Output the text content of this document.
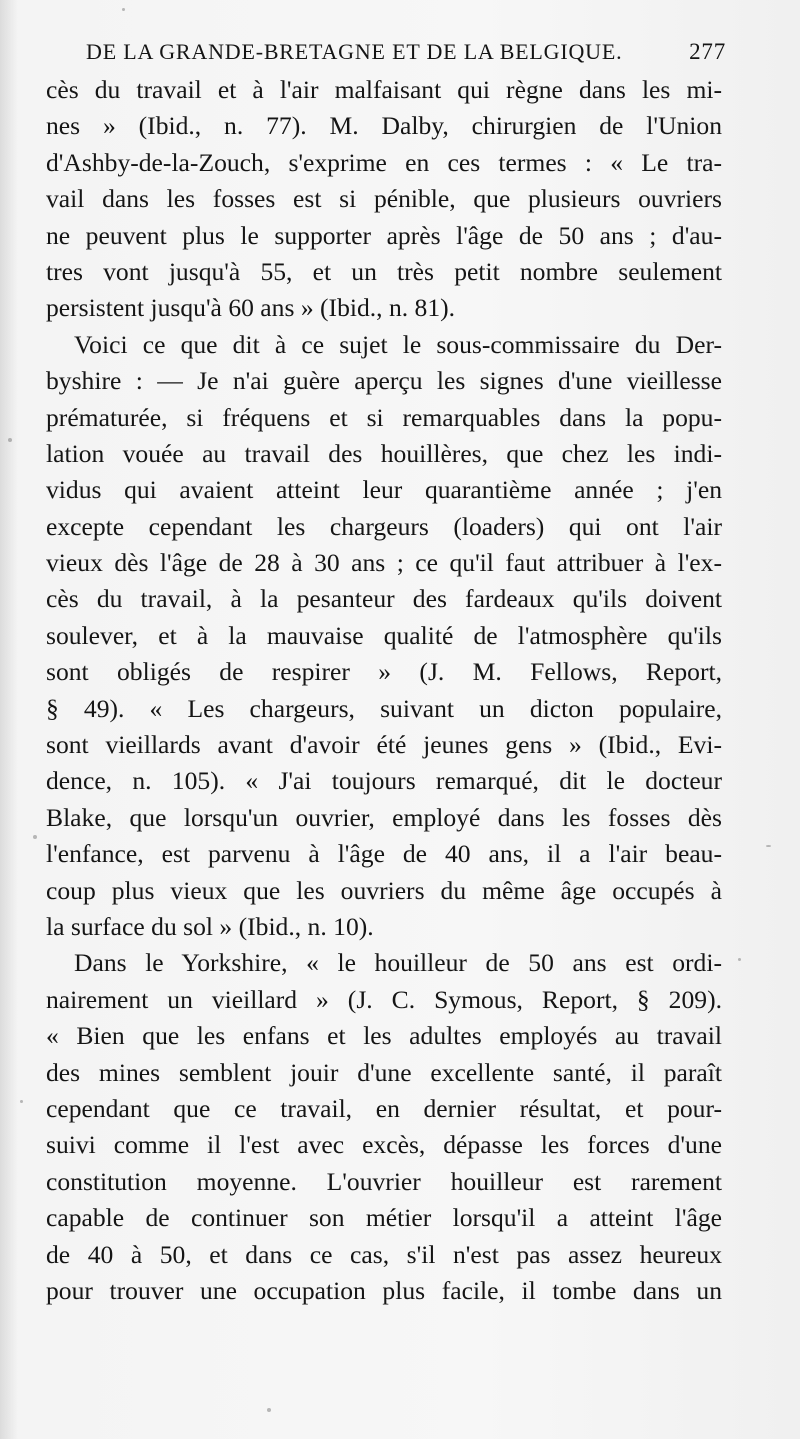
DE LA GRANDE-BRETAGNE ET DE LA BELGIQUE.	277
cès du travail et à l'air malfaisant qui règne dans les mi-
nes » (Ibid., n. 77). M. Dalby, chirurgien de l'Union
d'Ashby-de-la-Zouch, s'exprime en ces termes : « Le tra-
vail dans les fosses est si pénible, que plusieurs ouvriers
ne peuvent plus le supporter après l'âge de 50 ans ; d'au-
tres vont jusqu'à 55, et un très petit nombre seulement
persistent jusqu'à 60 ans » (Ibid., n. 81).
Voici ce que dit à ce sujet le sous-commissaire du Der-
byshire : — Je n'ai guère aperçu les signes d'une vieillesse
prématurée, si fréquens et si remarquables dans la popu-
lation vouée au travail des houillères, que chez les indi-
vidus qui avaient atteint leur quarantième année ; j'en
excepte cependant les chargeurs (loaders) qui ont l'air
vieux dès l'âge de 28 à 30 ans ; ce qu'il faut attribuer à l'ex-
cès du travail, à la pesanteur des fardeaux qu'ils doivent
soulever, et à la mauvaise qualité de l'atmosphère qu'ils
sont obligés de respirer » (J. M. Fellows, Report,
§ 49). « Les chargeurs, suivant un dicton populaire,
sont vieillards avant d'avoir été jeunes gens » (Ibid., Evi-
dence, n. 105). « J'ai toujours remarqué, dit le docteur
Blake, que lorsqu'un ouvrier, employé dans les fosses dès
l'enfance, est parvenu à l'âge de 40 ans, il a l'air beau-
coup plus vieux que les ouvriers du même âge occupés à
la surface du sol » (Ibid., n. 10).
Dans le Yorkshire, « le houilleur de 50 ans est ordi-
nairement un vieillard » (J. C. Symous, Report, § 209).
« Bien que les enfans et les adultes employés au travail
des mines semblent jouir d'une excellente santé, il paraît
cependant que ce travail, en dernier résultat, et pour-
suivi comme il l'est avec excès, dépasse les forces d'une
constitution moyenne. L'ouvrier houilleur est rarement
capable de continuer son métier lorsqu'il a atteint l'âge
de 40 à 50, et dans ce cas, s'il n'est pas assez heureux
pour trouver une occupation plus facile, il tombe dans un
